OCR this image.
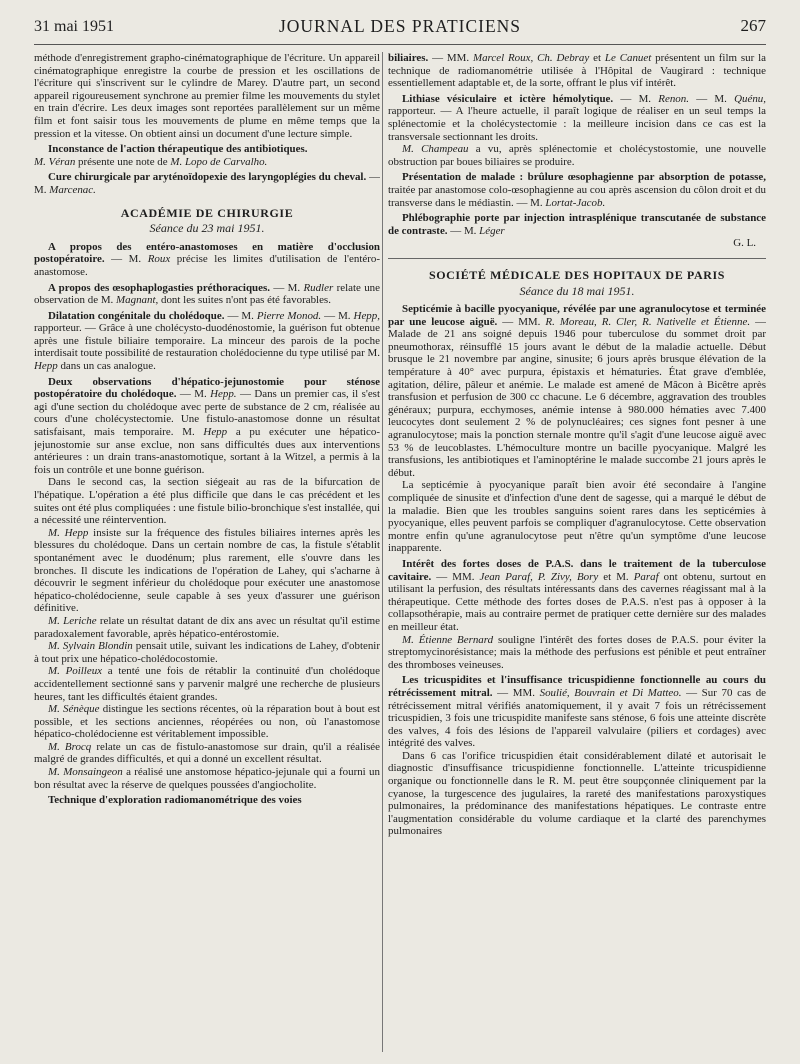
31 mai 1951	JOURNAL DES PRATICIENS	267

méthode d'enregistrement grapho-cinématographique de l'écriture. Un appareil cinématographique enregistre la courbe de pression et les oscillations de l'écriture qui s'inscrivent sur le cylindre de Marey. D'autre part, un second appareil rigoureusement synchrone au premier filme les mouvements du stylet en train d'écrire. Les deux images sont reportées parallèlement sur un même film et font saisir tous les mouvements de plume en même temps que la pression et la vitesse. On obtient ainsi un document d'une lecture simple.

Inconstance de l'action thérapeutique des antibiotiques.
M. Véran présente une note de M. Lopo de Carvalho.

Cure chirurgicale par aryténoïdopexie des laryngoplégies du cheval. — M. Marcenac.

ACADÉMIE DE CHIRURGIE

Séance du 23 mai 1951.

A propos des entéro-anastomoses en matière d'occlusion postopératoire. — M. Roux précise les limites d'utilisation de l'entéro-anastomose.

A propos des œsophaplogasties préthoraciques. — M. Rudler relate une observation de M. Magnant, dont les suites n'ont pas été favorables.

Dilatation congénitale du cholédoque. — M. Pierre Monod. — M. Hepp, rapporteur. — Grâce à une cholécysto-duodénostomie, la guérison fut obtenue après une fistule biliaire temporaire. La minceur des parois de la poche interdisait toute possibilité de restauration cholédocienne du type utilisé par M. Hepp dans un cas analogue.

Deux observations d'hépatico-jejunostomie pour sténose postopératoire du cholédoque. — M. Hepp. — Dans un premier cas, il s'est agi d'une section du cholédoque avec perte de substance de 2 cm, réalisée au cours d'une cholécystectomie. Une fistulo-anastomose donne un résultat satisfaisant, mais temporaire. M. Hepp a pu exécuter une hépatico-jejunostomie sur anse exclue, non sans difficultés dues aux interventions antérieures : un drain trans-anastomotique, sortant à la Witzel, a permis à la fois un contrôle et une bonne guérison.

Dans le second cas, la section siégeait au ras de la bifurcation de l'hépatique. L'opération a été plus difficile que dans le cas précédent et les suites ont été plus compliquées : une fistule bilio-bronchique s'est installée, qui a nécessité une réintervention.

M. Hepp insiste sur la fréquence des fistules biliaires internes après les blessures du cholédoque. Dans un certain nombre de cas, la fistule s'établit spontanément avec le duodénum; plus rarement, elle s'ouvre dans les bronches. Il discute les indications de l'opération de Lahey, qui s'acharne à découvrir le segment inférieur du cholédoque pour exécuter une anastomose hépatico-cholédocienne, seule capable à ses yeux d'assurer une guérison définitive.

M. Leriche relate un résultat datant de dix ans avec un résultat qu'il estime paradoxalement favorable, après hépatico-entérostomie.

M. Sylvain Blondin pensait utile, suivant les indications de Lahey, d'obtenir à tout prix une hépatico-cholédocostomie.

M. Poilleux a tenté une fois de rétablir la continuité d'un cholédoque accidentellement sectionné sans y parvenir malgré une recherche de plusieurs heures, tant les difficultés étaient grandes.

M. Sénèque distingue les sections récentes, où la réparation bout à bout est possible, et les sections anciennes, réopérées ou non, où l'anastomose hépatico-cholédocienne est véritablement impossible.

M. Brocq relate un cas de fistulo-anastomose sur drain, qu'il a réalisée malgré de grandes difficultés, et qui a donné un excellent résultat.

M. Monsaingeon a réalisé une anstomose hépatico-jejunale qui a fourni un bon résultat avec la réserve de quelques poussées d'angiocholite.

Technique d'exploration radiomanométrique des voies

biliaires. — MM. Marcel Roux, Ch. Debray et Le Canuet présentent un film sur la technique de radiomanométrie utilisée à l'Hôpital de Vaugirard : technique essentiellement adaptable et, de la sorte, offrant le plus vif intérêt.

Lithiase vésiculaire et ictère hémolytique. — M. Renon. — M. Quénu, rapporteur. — A l'heure actuelle, il paraît logique de réaliser en un seul temps la splénectomie et la cholécystectomie : la meilleure incision dans ce cas est la transversale sectionnant les droits.

M. Champeau a vu, après splénectomie et cholécystostomie, une nouvelle obstruction par boues biliaires se produire.

Présentation de malade : brûlure œsophagienne par absorption de potasse, traitée par anastomose colo-œsophagienne au cou après ascension du côlon droit et du transverse dans le médiastin. — M. Lortat-Jacob.

Phlébographie porte par injection intrasplénique transcutanée de substance de contraste. — M. Léger

G. L.

SOCIÉTÉ MÉDICALE DES HOPITAUX DE PARIS

Séance du 18 mai 1951.

Septicémie à bacille pyocyanique, révélée par une agranulocytose et terminée par une leucose aiguë. — MM. R. Moreau, R. Cler, R. Nativelle et Étienne. — Malade de 21 ans soigné depuis 1946 pour tuberculose du sommet droit par pneumothorax, réinsufflé 15 jours avant le début de la maladie actuelle. Début brusque le 21 novembre par angine, sinusite; 6 jours après brusque élévation de la température à 40° avec purpura, épistaxis et hématuries. État grave d'emblée, agitation, délire, pâleur et anémie. Le malade est amené de Mâcon à Bicêtre après transfusion et perfusion de 300 cc chacune. Le 6 décembre, aggravation des troubles généraux; purpura, ecchymoses, anémie intense à 980.000 hématies avec 7.400 leucocytes dont seulement 2 % de polynucléaires; ces signes font pesner à une agranulocytose; mais la ponction sternale montre qu'il s'agit d'une leucose aiguë avec 53 % de leucoblastes. L'hémoculture montre un bacille pyocyanique. Malgré les transfusions, les antibiotiques et l'aminoptérine le malade succombe 21 jours après le début.

La septicémie à pyocyanique paraît bien avoir été secondaire à l'angine compliquée de sinusite et d'infection d'une dent de sagesse, qui a marqué le début de la maladie. Bien que les troubles sanguins soient rares dans les septicémies à pyocyanique, elles peuvent parfois se compliquer d'agranulocytose. Cette observation montre enfin qu'une agranulocytose peut n'être qu'un symptôme d'une leucose inapparente.

Intérêt des fortes doses de P.A.S. dans le traitement de la tuberculose cavitaire. — MM. Jean Paraf, P. Zivy, Bory et M. Paraf ont obtenu, surtout en utilisant la perfusion, des résultats intéressants dans des cavernes réagissant mal à la thérapeutique. Cette méthode des fortes doses de P.A.S. n'est pas à opposer à la collapsothérapie, mais au contraire permet de pratiquer cette dernière sur des malades en meilleur état.

M. Étienne Bernard souligne l'intérêt des fortes doses de P.A.S. pour éviter la streptomycinorésistance; mais la méthode des perfusions est pénible et peut entraîner des thromboses veineuses.

Les tricuspidites et l'insuffisance tricuspidienne fonctionnelle au cours du rétrécissement mitral. — MM. Soulié, Bouvrain et Di Matteo. — Sur 70 cas de rétrécissement mitral vérifiés anatomiquement, il y avait 7 fois un rétrécissement tricuspidien, 3 fois une tricuspidite manifeste sans sténose, 6 fois une atteinte discrète des valves, 4 fois des lésions de l'appareil valvulaire (piliers et cordages) avec intégrité des valves.

Dans 6 cas l'orifice tricuspidien était considérablement dilaté et autorisait le diagnostic d'insuffisance tricuspidienne fonctionnelle. L'atteinte tricuspidienne organique ou fonctionnelle dans le R. M. peut être soupçonnée cliniquement par la cyanose, la turgescence des jugulaires, la rareté des manifestations paroxystiques pulmonaires, la prédominance des manifestations hépatiques. Le contraste entre l'augmentation considérable du volume cardiaque et la clarté des parenchymes pulmonaires
